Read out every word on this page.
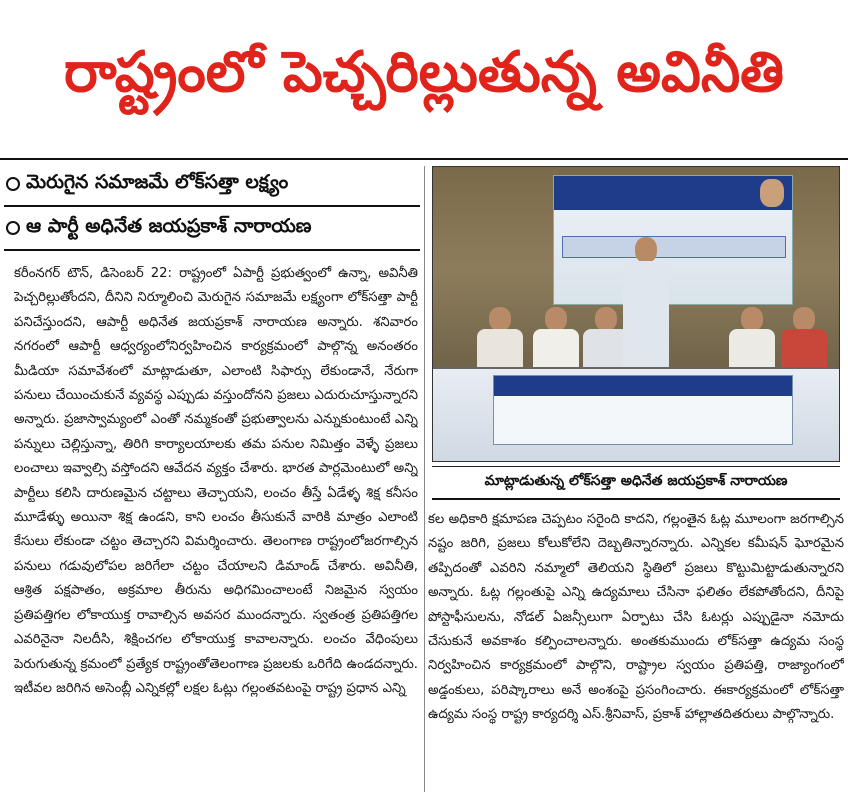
రాష్ట్రంలో పెచ్చరిల్లుతున్న అవినీతి
మెరుగైన సమాజమే లోక్‌సత్తా లక్ష్యం
ఆ పార్టీ అధినేత జయప్రకాశ్ నారాయణ

కరీంనగర్ టౌన్, డిసెంబర్ 22: రాష్ట్రంలో ఏపార్టీ ప్రభుత్వంలో ఉన్నా, అవినీతి పెచ్చరిల్లుతోందని, దీనిని నిర్మూలించి మెరుగైన సమాజమే లక్ష్యంగా లోక్‌సత్తా పార్టీ పనిచేస్తుందని, ఆపార్టీ అధినేత జయప్రకాశ్ నారాయణ అన్నారు. శనివారం నగరంలో ఆపార్టీ ఆధ్వర్యంలోనిర్వహించిన కార్యక్రమంలో పాల్గొన్న అనంతరం మీడియా సమావేశంలో మాట్లాడుతూ, ఎలాంటి సిఫార్సు లేకుండానే, నేరుగా పనులు చేయించుకునే వ్యవస్థ ఎప్పుడు వస్తుందోనని ప్రజలు ఎదురుచూస్తున్నారని అన్నారు. ప్రజాస్వామ్యంలో ఎంతో నమ్మకంతో ప్రభుత్వాలను ఎన్నుకుంటుంటే ఎన్ని పన్నులు చెల్లిస్తున్నా, తిరిగి కార్యాలయాలకు తమ పనుల నిమిత్తం వెళ్ళే ప్రజలు లంచాలు ఇవ్వాల్సి వస్తోందని ఆవేదన వ్యక్తం చేశారు. భారత పార్లమెంటులో అన్ని పార్టీలు కలిసి దారుణమైన చట్టాలు తెచ్చాయని, లంచం తీస్తే ఏడేళ్ళ శిక్ష కనీసం మూడేళ్ళు అయినా శిక్ష ఉండని, కాని లంచం తీసుకునే వారికి మాత్రం ఎలాంటి కేసులు లేకుండా చట్టం తెచ్చారని విమర్శించారు. తెలంగాణ రాష్ట్రంలోజరగాల్సిన పనులు గడువులోపల జరిగేలా చట్టం చేయాలని డిమాండ్ చేశారు. అవినీతి, ఆశ్రిత పక్షపాతం, అక్రమాల తీరును అధిగమించాలంటే నిజమైన స్వయం ప్రతిపత్తిగల లోకాయుక్త రావాల్సిన అవసర ముందన్నారు. స్వతంత్ర ప్రతిపత్తిగల ఎవరినైనా నిలదీసి, శిక్షించగల లోకాయుక్త కావాలన్నారు. లంచం వేధింపులు పెరుగుతున్న క్రమంలో ప్రత్యేక రాష్ట్రంతోతెలంగాణ ప్రజలకు ఒరిగేది ఉండదన్నారు. ఇటీవల జరిగిన అసెంబ్లీ ఎన్నికల్లో లక్షల ఓట్లు గల్లంతవటంపై రాష్ట్ర ప్రధాన ఎన్ని

మాట్లాడుతున్న లోక్‌సత్తా అధినేత జయప్రకాశ్ నారాయణ

కల అధికారి క్షమాపణ చెప్పటం సరైంది కాదని, గల్లంతైన ఓట్ల మూలంగా జరగాల్సిన నష్టం జరిగి, ప్రజలు కోలుకోలేని దెబ్బతిన్నారన్నారు. ఎన్నికల కమీషన్ ఘోరమైన తప్పిదంతో ఎవరిని నమ్మాలో తెలియని స్థితిలో ప్రజలు కొట్టుమిట్టాడుతున్నారని అన్నారు. ఓట్ల గల్లంతుపై ఎన్ని ఉద్యమాలు చేసినా ఫలితం లేకపోతోందని, దీనిపై పోస్టాఫీసులను, నోడల్ ఏజన్సీలుగా ఏర్పాటు చేసి ఓటర్లు ఎప్పుడైనా నమోదు చేసుకునే అవకాశం కల్పించాలన్నారు. అంతకుముందు లోక్‌సత్తా ఉద్యమ సంస్థ నిర్వహించిన కార్యక్రమంలో పాల్గొని, రాష్ట్రాల స్వయం ప్రతిపత్తి, రాజ్యాంగంలో అడ్డంకులు, పరిష్కారాలు అనే అంశంపై ప్రసంగించారు. ఈకార్యక్రమంలో లోక్‌సత్తా ఉద్యమ సంస్థ రాష్ట్ర కార్యదర్శి ఎస్.శ్రీనివాస్, ప్రకాశ్ హాల్లాతదితరులు పాల్గొన్నారు.
